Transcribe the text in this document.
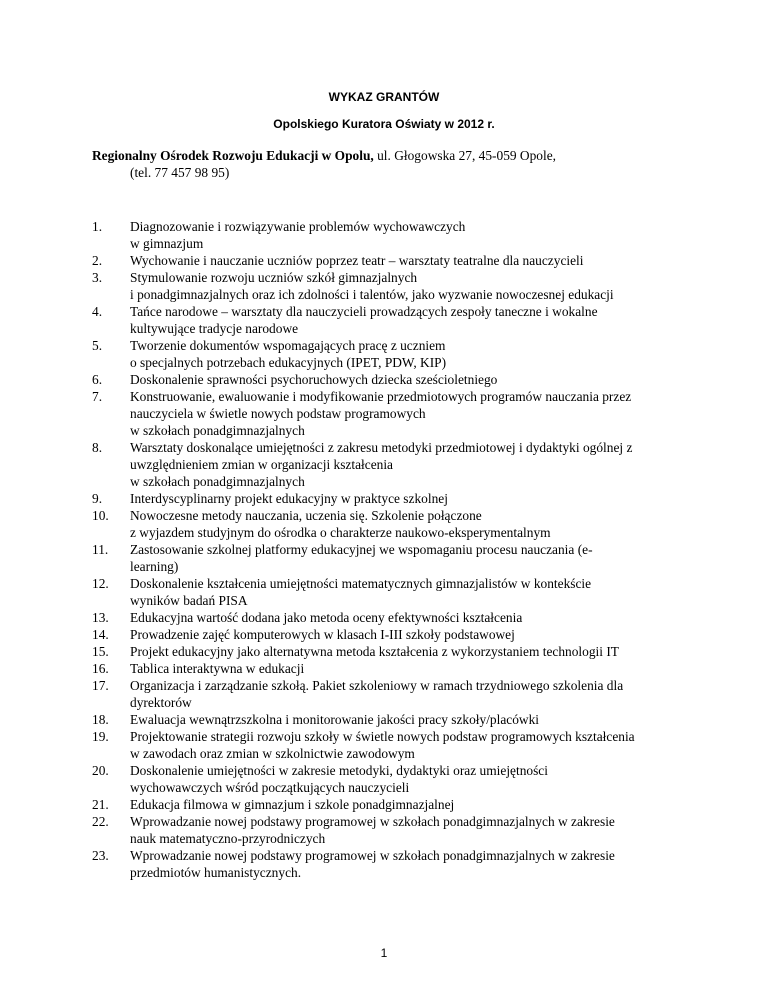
WYKAZ GRANTÓW
Opolskiego Kuratora Oświaty w 2012 r.
Regionalny Ośrodek Rozwoju Edukacji w Opolu, ul. Głogowska 27, 45-059 Opole,
(tel. 77 457 98 95)
1.	Diagnozowanie i rozwiązywanie problemów wychowawczych
w gimnazjum
2.	Wychowanie i nauczanie uczniów poprzez teatr – warsztaty teatralne dla nauczycieli
3.	Stymulowanie rozwoju uczniów szkół gimnazjalnych
i ponadgimnazjalnych oraz ich zdolności i talentów, jako wyzwanie nowoczesnej edukacji
4.	Tańce narodowe – warsztaty dla nauczycieli prowadzących zespoły taneczne i wokalne
kultywujące tradycje narodowe
5.	Tworzenie dokumentów wspomagających pracę z uczniem
o specjalnych potrzebach edukacyjnych (IPET, PDW, KIP)
6.	Doskonalenie sprawności psychoruchowych dziecka sześcioletniego
7.	Konstruowanie, ewaluowanie i modyfikowanie przedmiotowych programów nauczania przez
nauczyciela w świetle nowych podstaw programowych
w szkołach ponadgimnazjalnych
8.	Warsztaty doskonalące umiejętności z zakresu metodyki przedmiotowej i dydaktyki ogólnej z
uwzględnieniem zmian w organizacji kształcenia
w szkołach ponadgimnazjalnych
9.	Interdyscyplinarny projekt edukacyjny w praktyce szkolnej
10.	Nowoczesne metody nauczania, uczenia się. Szkolenie połączone
z wyjazdem studyjnym do ośrodka o charakterze naukowo-eksperymentalnym
11.	Zastosowanie szkolnej platformy edukacyjnej we wspomaganiu procesu nauczania (e-
learning)
12.	Doskonalenie kształcenia umiejętności matematycznych gimnazjalistów w kontekście
wyników badań PISA
13.	Edukacyjna wartość dodana jako metoda oceny efektywności kształcenia
14.	Prowadzenie zajęć komputerowych w klasach I-III szkoły podstawowej
15.	Projekt edukacyjny jako alternatywna metoda kształcenia z wykorzystaniem technologii IT
16.	Tablica interaktywna w edukacji
17.	Organizacja i zarządzanie szkołą. Pakiet szkoleniowy w ramach trzydniowego szkolenia dla
dyrektorów
18.	Ewaluacja wewnątrzszkolna i monitorowanie jakości pracy szkoły/placówki
19.	Projektowanie strategii rozwoju szkoły w świetle nowych podstaw programowych kształcenia
w zawodach oraz zmian w szkolnictwie zawodowym
20.	Doskonalenie umiejętności w zakresie metodyki, dydaktyki oraz umiejętności
wychowawczych wśród początkujących nauczycieli
21.	Edukacja filmowa w gimnazjum i szkole ponadgimnazjalnej
22.	Wprowadzanie nowej podstawy programowej w szkołach ponadgimnazjalnych w zakresie
nauk matematyczno-przyrodniczych
23.	Wprowadzanie nowej podstawy programowej w szkołach ponadgimnazjalnych w zakresie
przedmiotów humanistycznych.
1
